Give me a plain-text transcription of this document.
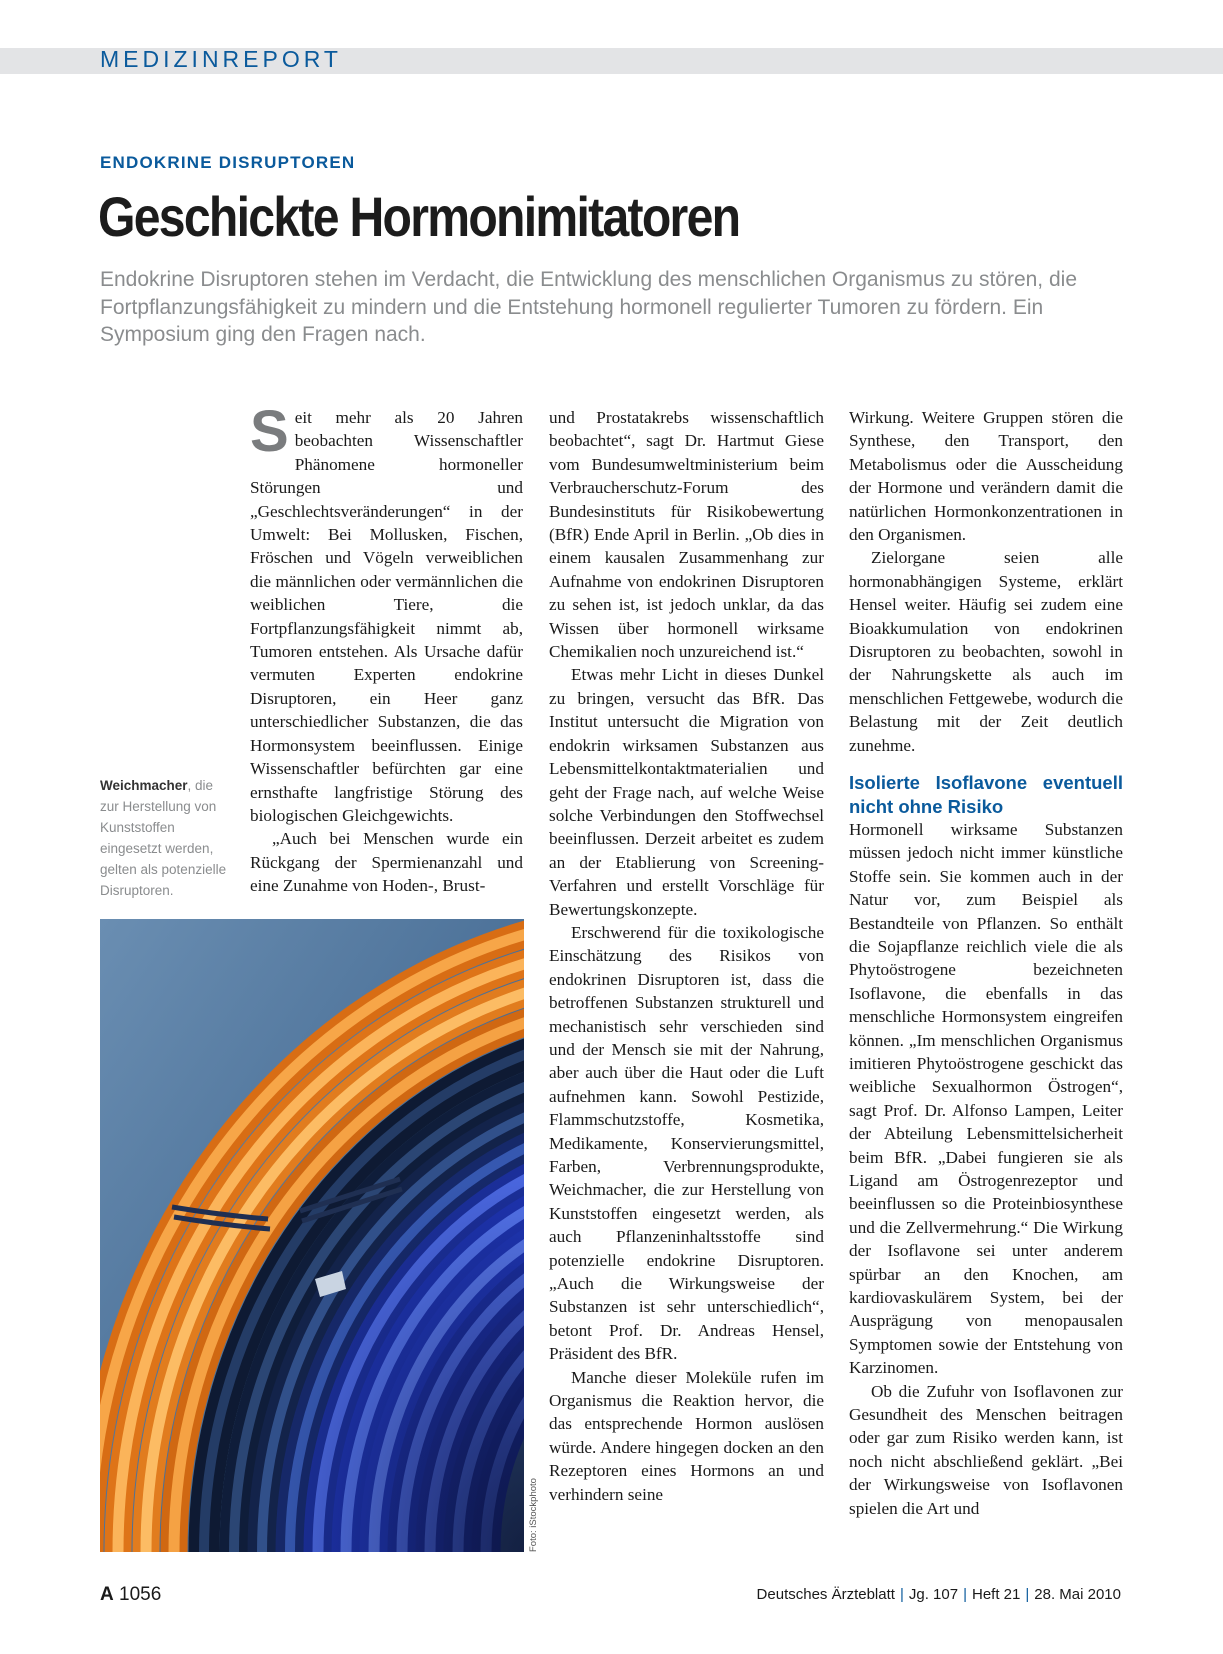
MEDIZINREPORT
ENDOKRINE DISRUPTOREN
Geschickte Hormonimitatoren
Endokrine Disruptoren stehen im Verdacht, die Entwicklung des menschlichen Organismus zu stören, die Fortpflanzungsfähigkeit zu mindern und die Entstehung hormonell regulierter Tumoren zu fördern. Ein Symposium ging den Fragen nach.

Seit mehr als 20 Jahren beobachten Wissenschaftler Phänomene hormoneller Störungen und „Geschlechtsveränderungen“ in der Umwelt: Bei Mollusken, Fischen, Fröschen und Vögeln verweiblichen die männlichen oder vermännlichen die weiblichen Tiere, die Fortpflanzungsfähigkeit nimmt ab, Tumoren entstehen. Als Ursache dafür vermuten Experten endokrine Disruptoren, ein Heer ganz unterschiedlicher Substanzen, die das Hormonsystem beeinflussen. Einige Wissenschaftler befürchten gar eine ernsthafte langfristige Störung des biologischen Gleichgewichts.

„Auch bei Menschen wurde ein Rückgang der Spermienanzahl und eine Zunahme von Hoden-, Brust-

und Prostatakrebs wissenschaftlich beobachtet“, sagt Dr. Hartmut Giese vom Bundesumweltministerium beim Verbraucherschutz-Forum des Bundesinstituts für Risikobewertung (BfR) Ende April in Berlin. „Ob dies in einem kausalen Zusammenhang zur Aufnahme von endokrinen Disruptoren zu sehen ist, ist jedoch unklar, da das Wissen über hormonell wirksame Chemikalien noch unzureichend ist.“

Etwas mehr Licht in dieses Dunkel zu bringen, versucht das BfR. Das Institut untersucht die Migration von endokrin wirksamen Substanzen aus Lebensmittelkontaktmaterialien und geht der Frage nach, auf welche Weise solche Verbindungen den Stoffwechsel beeinflussen. Derzeit arbeitet es zudem an der Etablierung von Screening-Verfahren und erstellt Vorschläge für Bewertungskonzepte.

Erschwerend für die toxikologische Einschätzung des Risikos von endokrinen Disruptoren ist, dass die betroffenen Substanzen strukturell und mechanistisch sehr verschieden sind und der Mensch sie mit der Nahrung, aber auch über die Haut oder die Luft aufnehmen kann. Sowohl Pestizide, Flammschutzstoffe, Kosmetika, Medikamente, Konservierungsmittel, Farben, Verbrennungsprodukte, Weichmacher, die zur Herstellung von Kunststoffen eingesetzt werden, als auch Pflanzeninhaltsstoffe sind potenzielle endokrine Disruptoren. „Auch die Wirkungsweise der Substanzen ist sehr unterschiedlich“, betont Prof. Dr. Andreas Hensel, Präsident des BfR.

Manche dieser Moleküle rufen im Organismus die Reaktion hervor, die das entsprechende Hormon auslösen würde. Andere hingegen docken an den Rezeptoren eines Hormons an und verhindern seine

Wirkung. Weitere Gruppen stören die Synthese, den Transport, den Metabolismus oder die Ausscheidung der Hormone und verändern damit die natürlichen Hormonkonzentrationen in den Organismen.

Zielorgane seien alle hormonabhängigen Systeme, erklärt Hensel weiter. Häufig sei zudem eine Bioakkumulation von endokrinen Disruptoren zu beobachten, sowohl in der Nahrungskette als auch im menschlichen Fettgewebe, wodurch die Belastung mit der Zeit deutlich zunehme.

Isolierte Isoflavone eventuell nicht ohne Risiko

Hormonell wirksame Substanzen müssen jedoch nicht immer künstliche Stoffe sein. Sie kommen auch in der Natur vor, zum Beispiel als Bestandteile von Pflanzen. So enthält die Sojapflanze reichlich viele die als Phytoöstrogene bezeichneten Isoflavone, die ebenfalls in das menschliche Hormonsystem eingreifen können. „Im menschlichen Organismus imitieren Phytoöstrogene geschickt das weibliche Sexualhormon Östrogen“, sagt Prof. Dr. Alfonso Lampen, Leiter der Abteilung Lebensmittelsicherheit beim BfR. „Dabei fungieren sie als Ligand am Östrogenrezeptor und beeinflussen so die Proteinbiosynthese und die Zellvermehrung.“ Die Wirkung der Isoflavone sei unter anderem spürbar an den Knochen, am kardiovaskulärem System, bei der Ausprägung von menopausalen Symptomen sowie der Entstehung von Karzinomen.

Ob die Zufuhr von Isoflavonen zur Gesundheit des Menschen beitragen oder gar zum Risiko werden kann, ist noch nicht abschließend geklärt. „Bei der Wirkungsweise von Isoflavonen spielen die Art und

Weichmacher, die zur Herstellung von Kunststoffen eingesetzt werden, gelten als potenzielle Disruptoren.
Foto: iStockphoto
A 1056	Deutsches Ärzteblatt | Jg. 107 | Heft 21 | 28. Mai 2010
